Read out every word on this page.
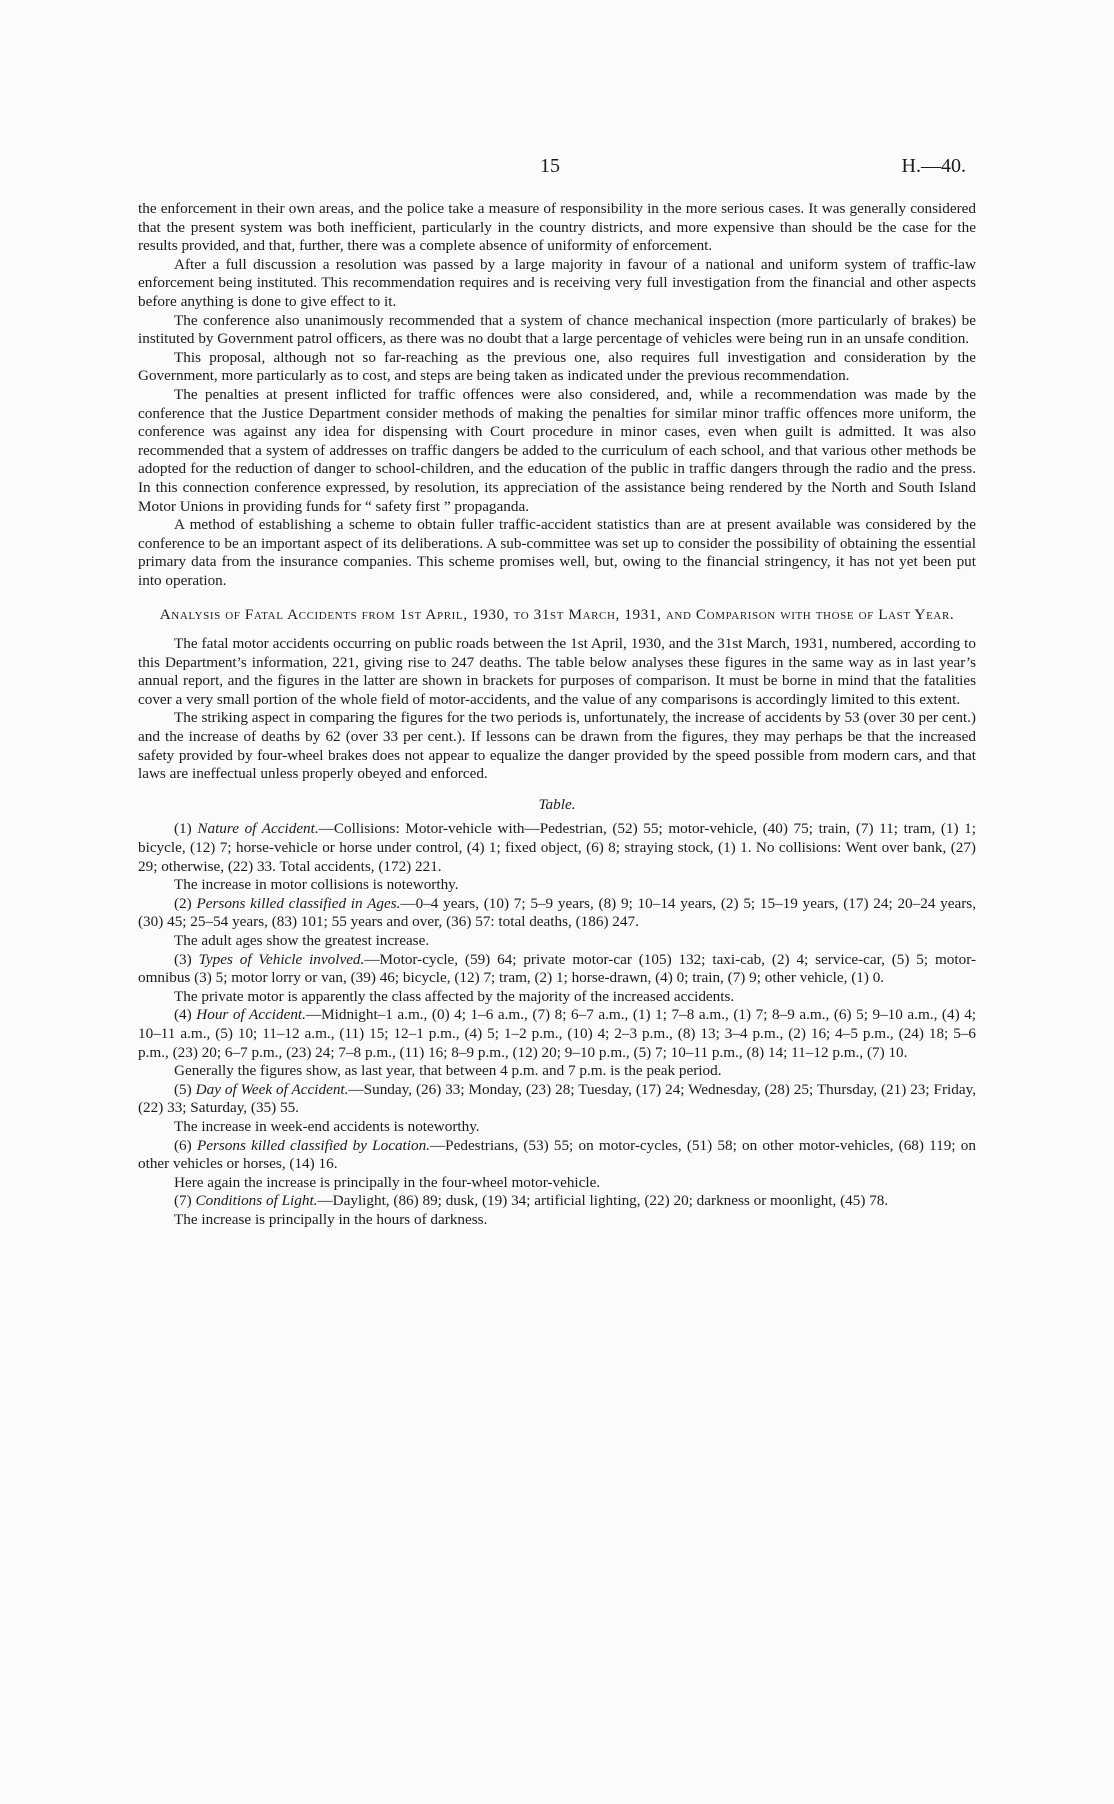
15	H.—40.

the enforcement in their own areas, and the police take a measure of responsibility in the more serious cases. It was generally considered that the present system was both inefficient, particularly in the country districts, and more expensive than should be the case for the results provided, and that, further, there was a complete absence of uniformity of enforcement.

After a full discussion a resolution was passed by a large majority in favour of a national and uniform system of traffic-law enforcement being instituted. This recommendation requires and is receiving very full investigation from the financial and other aspects before anything is done to give effect to it.

The conference also unanimously recommended that a system of chance mechanical inspection (more particularly of brakes) be instituted by Government patrol officers, as there was no doubt that a large percentage of vehicles were being run in an unsafe condition.

This proposal, although not so far-reaching as the previous one, also requires full investigation and consideration by the Government, more particularly as to cost, and steps are being taken as indicated under the previous recommendation.

The penalties at present inflicted for traffic offences were also considered, and, while a recommendation was made by the conference that the Justice Department consider methods of making the penalties for similar minor traffic offences more uniform, the conference was against any idea for dispensing with Court procedure in minor cases, even when guilt is admitted. It was also recommended that a system of addresses on traffic dangers be added to the curriculum of each school, and that various other methods be adopted for the reduction of danger to school-children, and the education of the public in traffic dangers through the radio and the press. In this connection conference expressed, by resolution, its appreciation of the assistance being rendered by the North and South Island Motor Unions in providing funds for “ safety first ” propaganda.

A method of establishing a scheme to obtain fuller traffic-accident statistics than are at present available was considered by the conference to be an important aspect of its deliberations. A sub-committee was set up to consider the possibility of obtaining the essential primary data from the insurance companies. This scheme promises well, but, owing to the financial stringency, it has not yet been put into operation.

Analysis of Fatal Accidents from 1st April, 1930, to 31st March, 1931, and Comparison with those of Last Year.

The fatal motor accidents occurring on public roads between the 1st April, 1930, and the 31st March, 1931, numbered, according to this Department’s information, 221, giving rise to 247 deaths. The table below analyses these figures in the same way as in last year’s annual report, and the figures in the latter are shown in brackets for purposes of comparison. It must be borne in mind that the fatalities cover a very small portion of the whole field of motor-accidents, and the value of any comparisons is accordingly limited to this extent.

The striking aspect in comparing the figures for the two periods is, unfortunately, the increase of accidents by 53 (over 30 per cent.) and the increase of deaths by 62 (over 33 per cent.). If lessons can be drawn from the figures, they may perhaps be that the increased safety provided by four-wheel brakes does not appear to equalize the danger provided by the speed possible from modern cars, and that laws are ineffectual unless properly obeyed and enforced.

Table.

(1) Nature of Accident.—Collisions: Motor-vehicle with—Pedestrian, (52) 55; motor-vehicle, (40) 75; train, (7) 11; tram, (1) 1; bicycle, (12) 7; horse-vehicle or horse under control, (4) 1; fixed object, (6) 8; straying stock, (1) 1. No collisions: Went over bank, (27) 29; otherwise, (22) 33. Total accidents, (172) 221.

The increase in motor collisions is noteworthy.

(2) Persons killed classified in Ages.—0–4 years, (10) 7; 5–9 years, (8) 9; 10–14 years, (2) 5; 15–19 years, (17) 24; 20–24 years, (30) 45; 25–54 years, (83) 101; 55 years and over, (36) 57: total deaths, (186) 247.

The adult ages show the greatest increase.

(3) Types of Vehicle involved.—Motor-cycle, (59) 64; private motor-car (105) 132; taxi-cab, (2) 4; service-car, (5) 5; motor-omnibus (3) 5; motor lorry or van, (39) 46; bicycle, (12) 7; tram, (2) 1; horse-drawn, (4) 0; train, (7) 9; other vehicle, (1) 0.

The private motor is apparently the class affected by the majority of the increased accidents.

(4) Hour of Accident.—Midnight–1 a.m., (0) 4; 1–6 a.m., (7) 8; 6–7 a.m., (1) 1; 7–8 a.m., (1) 7; 8–9 a.m., (6) 5; 9–10 a.m., (4) 4; 10–11 a.m., (5) 10; 11–12 a.m., (11) 15; 12–1 p.m., (4) 5; 1–2 p.m., (10) 4; 2–3 p.m., (8) 13; 3–4 p.m., (2) 16; 4–5 p.m., (24) 18; 5–6 p.m., (23) 20; 6–7 p.m., (23) 24; 7–8 p.m., (11) 16; 8–9 p.m., (12) 20; 9–10 p.m., (5) 7; 10–11 p.m., (8) 14; 11–12 p.m., (7) 10.

Generally the figures show, as last year, that between 4 p.m. and 7 p.m. is the peak period.

(5) Day of Week of Accident.—Sunday, (26) 33; Monday, (23) 28; Tuesday, (17) 24; Wednesday, (28) 25; Thursday, (21) 23; Friday, (22) 33; Saturday, (35) 55.

The increase in week-end accidents is noteworthy.

(6) Persons killed classified by Location.—Pedestrians, (53) 55; on motor-cycles, (51) 58; on other motor-vehicles, (68) 119; on other vehicles or horses, (14) 16.

Here again the increase is principally in the four-wheel motor-vehicle.

(7) Conditions of Light.—Daylight, (86) 89; dusk, (19) 34; artificial lighting, (22) 20; darkness or moonlight, (45) 78.

The increase is principally in the hours of darkness.
